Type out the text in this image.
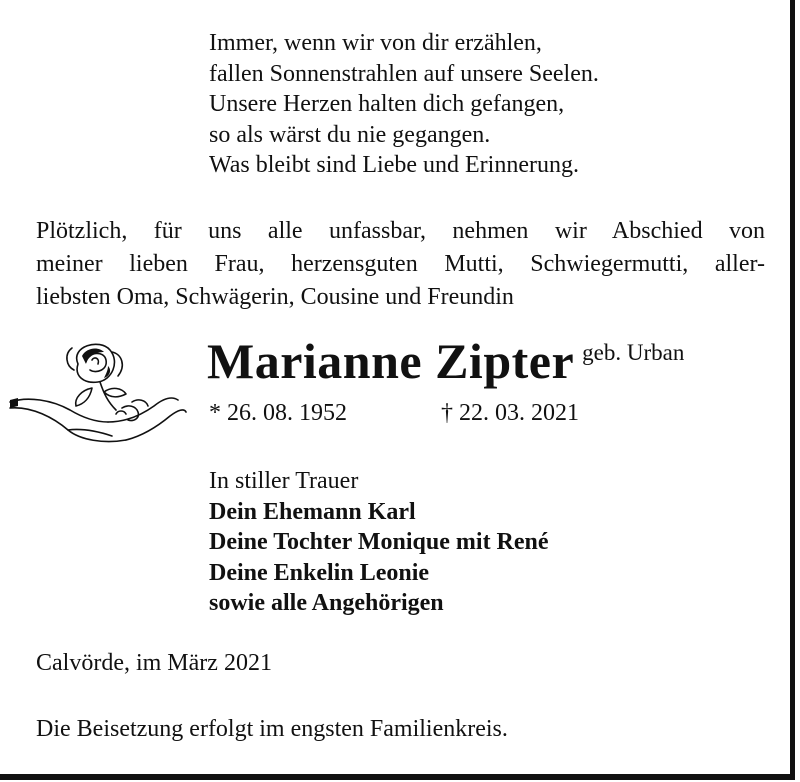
Immer, wenn wir von dir erzählen,
fallen Sonnenstrahlen auf unsere Seelen.
Unsere Herzen halten dich gefangen,
so als wärst du nie gegangen.
Was bleibt sind Liebe und Erinnerung.
Plötzlich, für uns alle unfassbar, nehmen wir Abschied von
meiner lieben Frau, herzensguten Mutti, Schwiegermutti, aller-
liebsten Oma, Schwägerin, Cousine und Freundin
Marianne Zipter geb. Urban
* 26. 08. 1952	† 22. 03. 2021
In stiller Trauer
Dein Ehemann Karl
Deine Tochter Monique mit René
Deine Enkelin Leonie
sowie alle Angehörigen
Calvörde, im März 2021
Die Beisetzung erfolgt im engsten Familienkreis.
